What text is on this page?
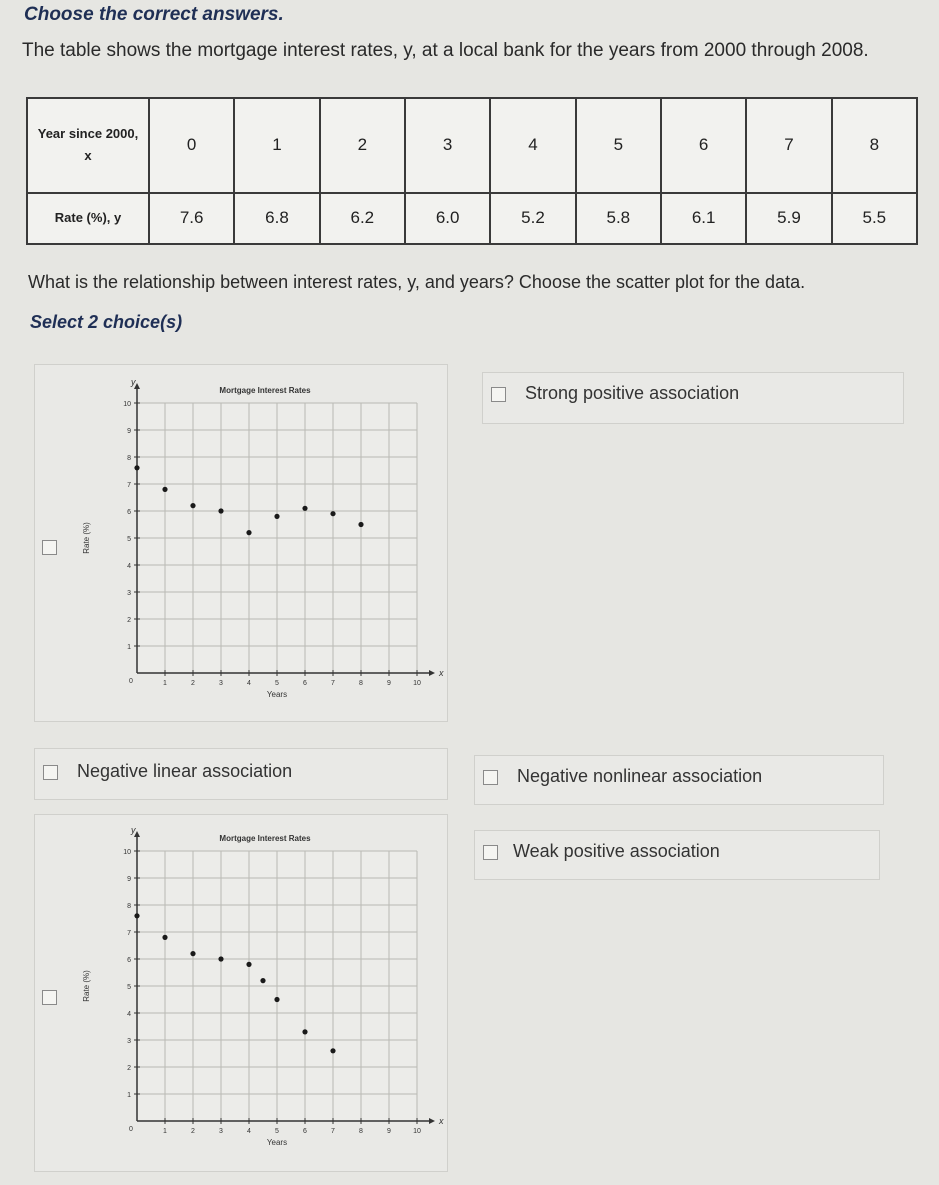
Choose the correct answers.
The table shows the mortgage interest rates, y, at a local bank for the years from 2000 through 2008.
Year since 2000,
x	0	1	2	3	4	5	6	7	8
Rate (%), y	7.6	6.8	6.2	6.0	5.2	5.8	6.1	5.9	5.5
What is the relationship between interest rates, y, and years? Choose the scatter plot for the data.
Select 2 choice(s)
Mortgage Interest Rates
Years
y
x
Rate (%)
0	1	2	3	4	5	6	7	8	9	10
1
2
3
4
5
6
7
8
9
10
Strong positive association
Negative linear association	Negative nonlinear association
Mortgage Interest Rates
Years
y
x
Rate (%)
0	1	2	3	4	5	6	7	8	9	10
1
2
3
4
5
6
7
8
9
10	Weak positive association
